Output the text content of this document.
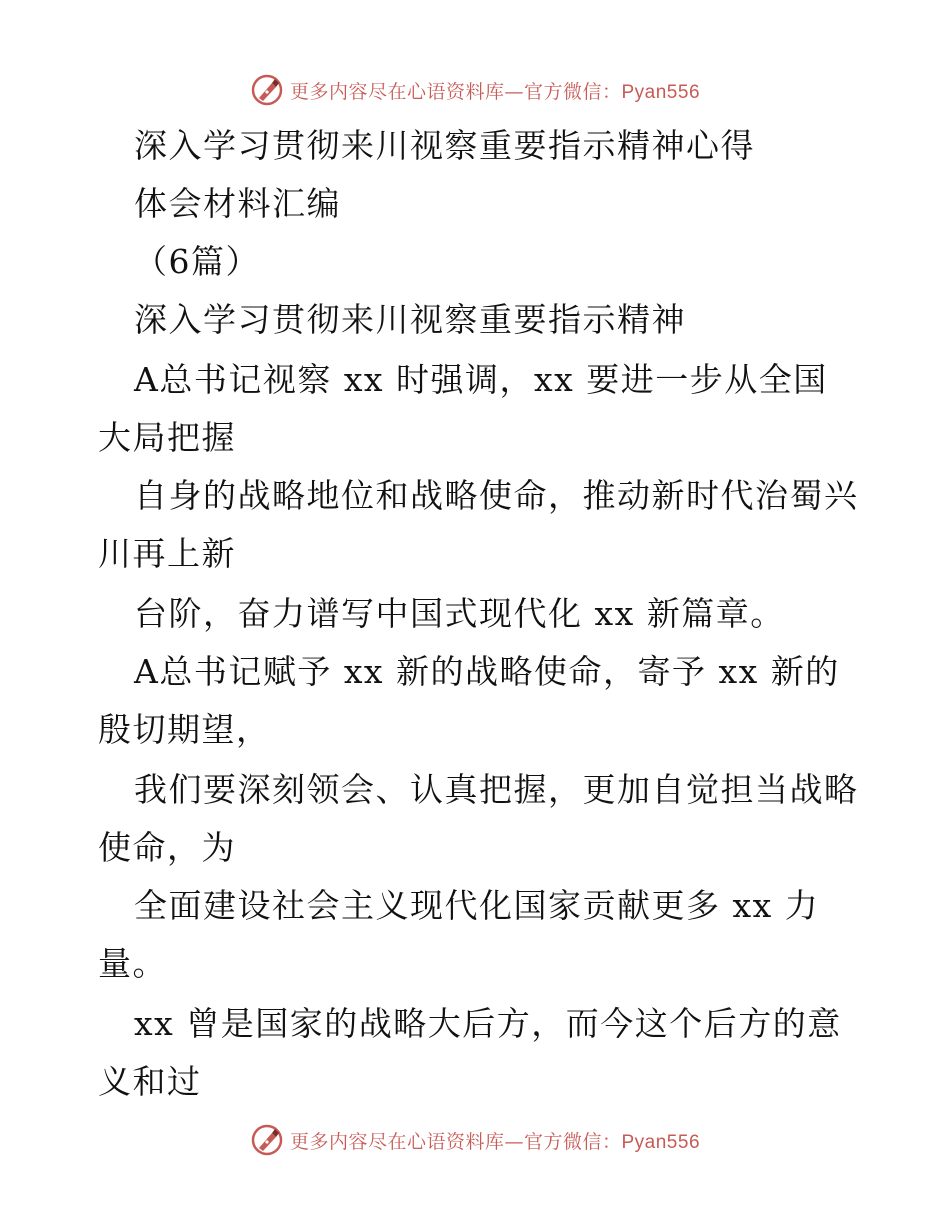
更多内容尽在心语资料库—官方微信：Pyan556
深入学习贯彻来川视察重要指示精神心得
体会材料汇编
（6篇）
深入学习贯彻来川视察重要指示精神
A总书记视察 xx 时强调，xx 要进一步从全国
大局把握
自身的战略地位和战略使命，推动新时代治蜀兴
川再上新
台阶，奋力谱写中国式现代化 xx 新篇章。
A总书记赋予 xx 新的战略使命，寄予 xx 新的
殷切期望，
我们要深刻领会、认真把握，更加自觉担当战略
使命，为
全面建设社会主义现代化国家贡献更多 xx 力
量。
xx 曾是国家的战略大后方，而今这个后方的意
义和过
更多内容尽在心语资料库—官方微信：Pyan556
